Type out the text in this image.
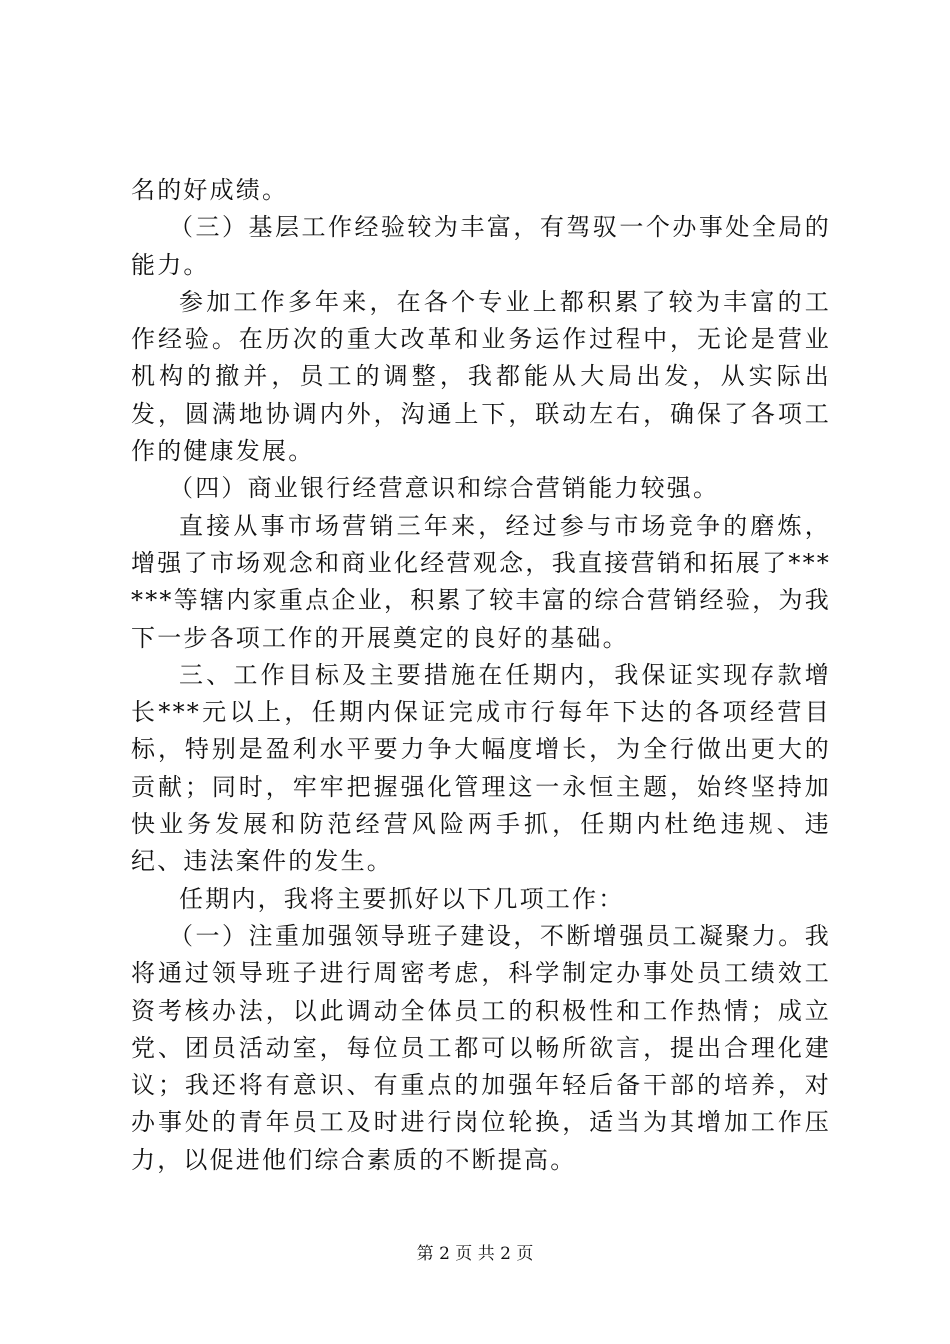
名的好成绩。

（三）基层工作经验较为丰富，有驾驭一个办事处全局的能力。

参加工作多年来，在各个专业上都积累了较为丰富的工作经验。在历次的重大改革和业务运作过程中，无论是营业机构的撤并，员工的调整，我都能从大局出发，从实际出发，圆满地协调内外，沟通上下，联动左右，确保了各项工作的健康发展。

（四）商业银行经营意识和综合营销能力较强。

直接从事市场营销三年来，经过参与市场竞争的磨炼，增强了市场观念和商业化经营观念，我直接营销和拓展了******等辖内家重点企业，积累了较丰富的综合营销经验，为我下一步各项工作的开展奠定的良好的基础。

三、工作目标及主要措施在任期内，我保证实现存款增长***元以上，任期内保证完成市行每年下达的各项经营目标，特别是盈利水平要力争大幅度增长，为全行做出更大的贡献；同时，牢牢把握强化管理这一永恒主题，始终坚持加快业务发展和防范经营风险两手抓，任期内杜绝违规、违纪、违法案件的发生。

任期内，我将主要抓好以下几项工作：

（一）注重加强领导班子建设，不断增强员工凝聚力。我将通过领导班子进行周密考虑，科学制定办事处员工绩效工资考核办法，以此调动全体员工的积极性和工作热情；成立党、团员活动室，每位员工都可以畅所欲言，提出合理化建议；我还将有意识、有重点的加强年轻后备干部的培养，对办事处的青年员工及时进行岗位轮换，适当为其增加工作压力，以促进他们综合素质的不断提高。

第 2 页 共 2 页
